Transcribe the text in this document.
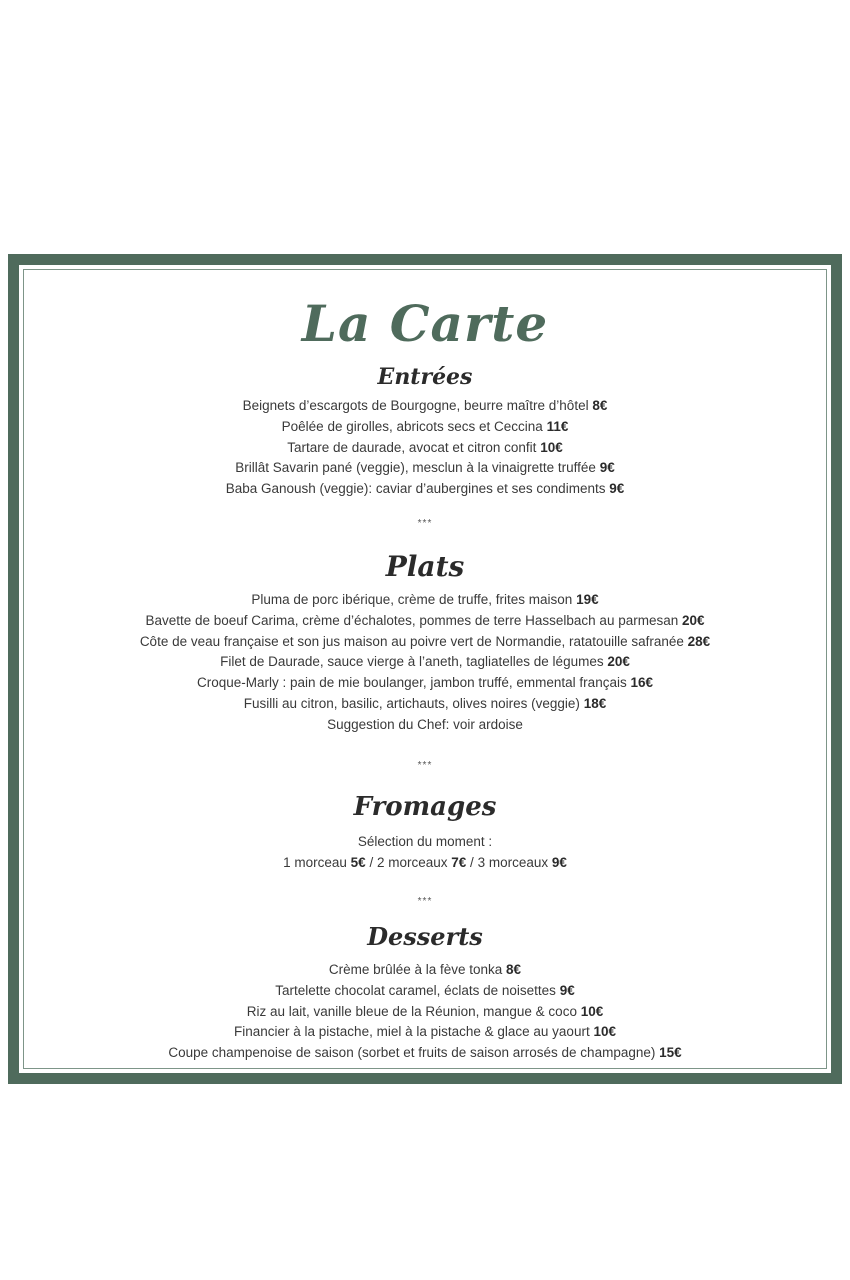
La Carte
Entrées
Beignets d’escargots de Bourgogne, beurre maître d’hôtel 8€
Poêlée de girolles, abricots secs et Ceccina 11€
Tartare de daurade, avocat et citron confit 10€
Brillât Savarin pané (veggie), mesclun à la vinaigrette truffée 9€
Baba Ganoush (veggie): caviar d’aubergines et ses condiments 9€
***
Plats
Pluma de porc ibérique, crème de truffe, frites maison 19€
Bavette de boeuf Carima, crème d’échalotes, pommes de terre Hasselbach au parmesan 20€
Côte de veau française et son jus maison au poivre vert de Normandie, ratatouille safranée 28€
Filet de Daurade, sauce vierge à l’aneth, tagliatelles de légumes 20€
Croque-Marly : pain de mie boulanger, jambon truffé, emmental français 16€
Fusilli au citron, basilic, artichauts, olives noires (veggie) 18€
Suggestion du Chef: voir ardoise
***
Fromages
Sélection du moment :
1 morceau 5€ / 2 morceaux 7€ / 3 morceaux 9€
***
Desserts
Crème brûlée à la fève tonka 8€
Tartelette chocolat caramel, éclats de noisettes 9€
Riz au lait, vanille bleue de la Réunion, mangue & coco 10€
Financier à la pistache, miel à la pistache & glace au yaourt 10€
Coupe champenoise de saison (sorbet et fruits de saison arrosés de champagne) 15€
